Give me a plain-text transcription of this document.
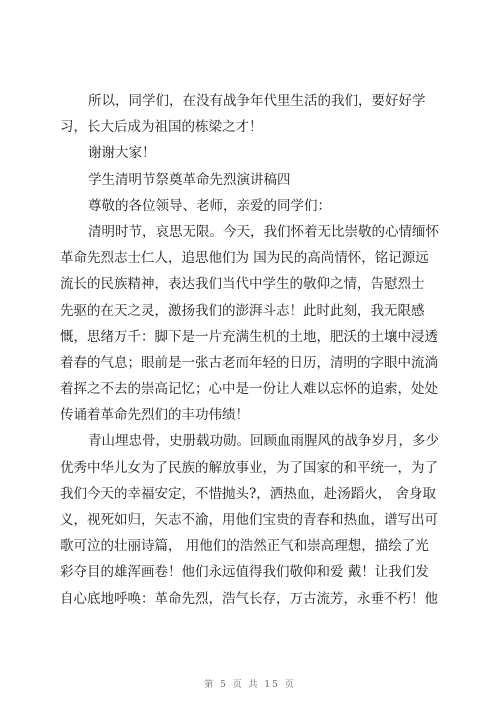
所以，同学们，在没有战争年代里生活的我们，要好好学
习，长大后成为祖国的栋梁之才！
谢谢大家！
学生清明节祭奠革命先烈演讲稿四
尊敬的各位领导、老师，亲爱的同学们：
清明时节，哀思无限。今天，我们怀着无比崇敬的心情缅怀
革命先烈志士仁人，追思他们为 国为民的高尚情怀，铭记源远
流长的民族精神，表达我们当代中学生的敬仰之情，告慰烈士
先驱的在天之灵，激扬我们的澎湃斗志！此时此刻，我无限感
慨，思绪万千：脚下是一片充满生机的土地，肥沃的土壤中浸透
着春的气息；眼前是一张古老而年轻的日历，清明的字眼中流淌
着挥之不去的崇高记忆；心中是一份让人难以忘怀的追索，处处
传诵着革命先烈们的丰功伟绩！
青山埋忠骨，史册载功勋。回顾血雨腥风的战争岁月，多少
优秀中华儿女为了民族的解放事业，为了国家的和平统一，为了
我们今天的幸福安定，不惜抛头?，洒热血，赴汤蹈火， 舍身取
义，视死如归，矢志不渝，用他们宝贵的青春和热血，谱写出可
歌可泣的壮丽诗篇， 用他们的浩然正气和崇高理想，描绘了光
彩夺目的雄浑画卷！他们永远值得我们敬仰和爱 戴！让我们发
自心底地呼唤：革命先烈，浩气长存，万古流芳，永垂不朽！他
第 5 页 共 15 页
